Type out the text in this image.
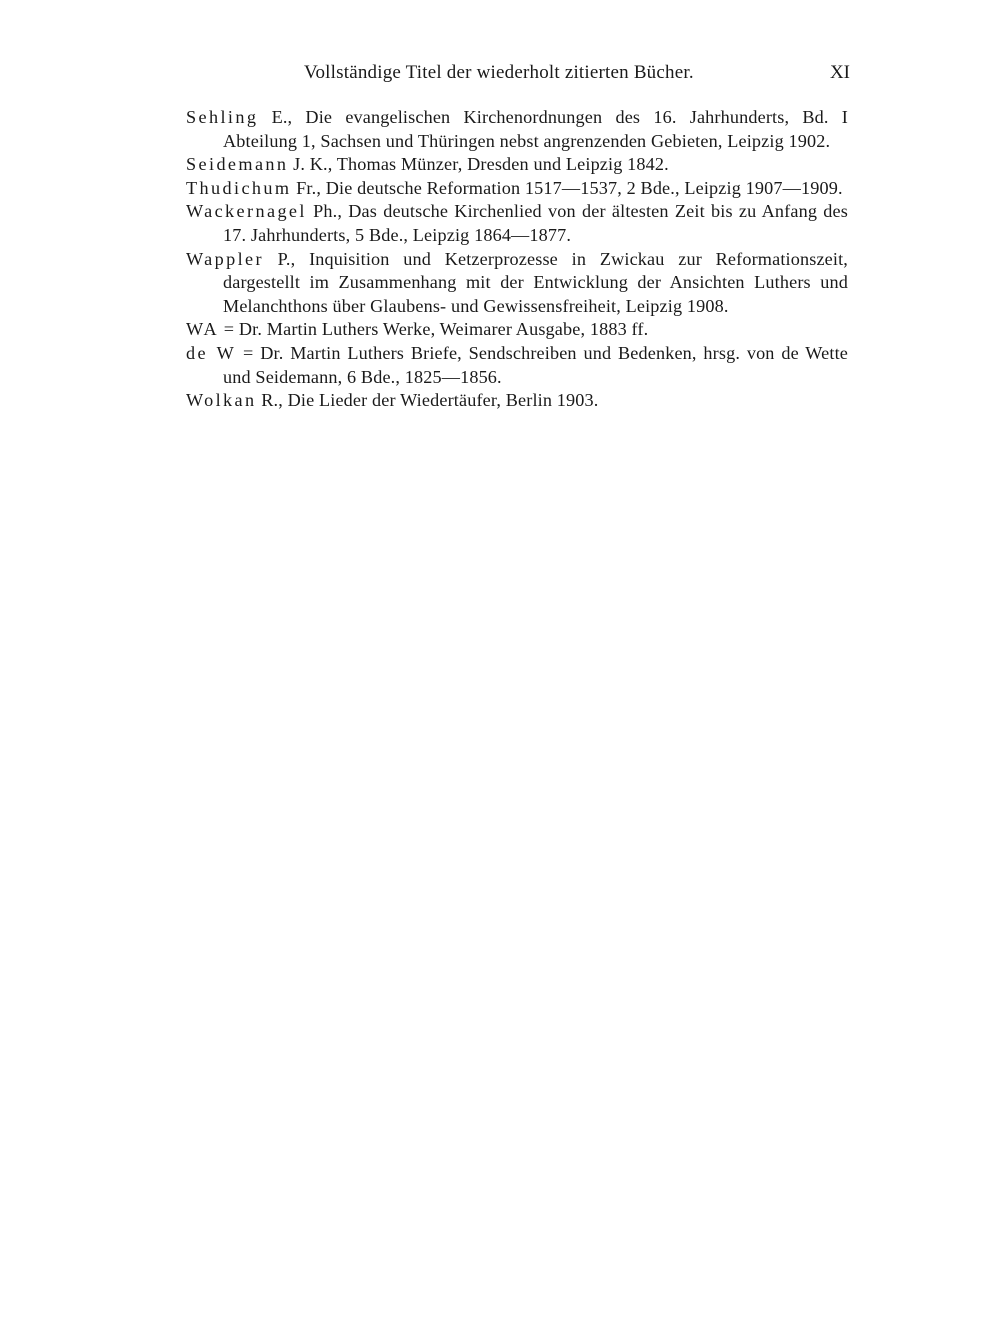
Vollständige Titel der wiederholt zitierten Bücher.	XI
Sehling E., Die evangelischen Kirchenordnungen des 16. Jahrhunderts, Bd. I Abteilung 1, Sachsen und Thüringen nebst angrenzenden Gebieten, Leipzig 1902.
Seidemann J. K., Thomas Münzer, Dresden und Leipzig 1842.
Thudichum Fr., Die deutsche Reformation 1517—1537, 2 Bde., Leipzig 1907—1909.
Wackernagel Ph., Das deutsche Kirchenlied von der ältesten Zeit bis zu Anfang des 17. Jahrhunderts, 5 Bde., Leipzig 1864—1877.
Wappler P., Inquisition und Ketzerprozesse in Zwickau zur Reformationszeit, dargestellt im Zusammenhang mit der Entwicklung der Ansichten Luthers und Melanchthons über Glaubens- und Gewissensfreiheit, Leipzig 1908.
WA = Dr. Martin Luthers Werke, Weimarer Ausgabe, 1883 ff.
de W = Dr. Martin Luthers Briefe, Sendschreiben und Bedenken, hrsg. von de Wette und Seidemann, 6 Bde., 1825—1856.
Wolkan R., Die Lieder der Wiedertäufer, Berlin 1903.
